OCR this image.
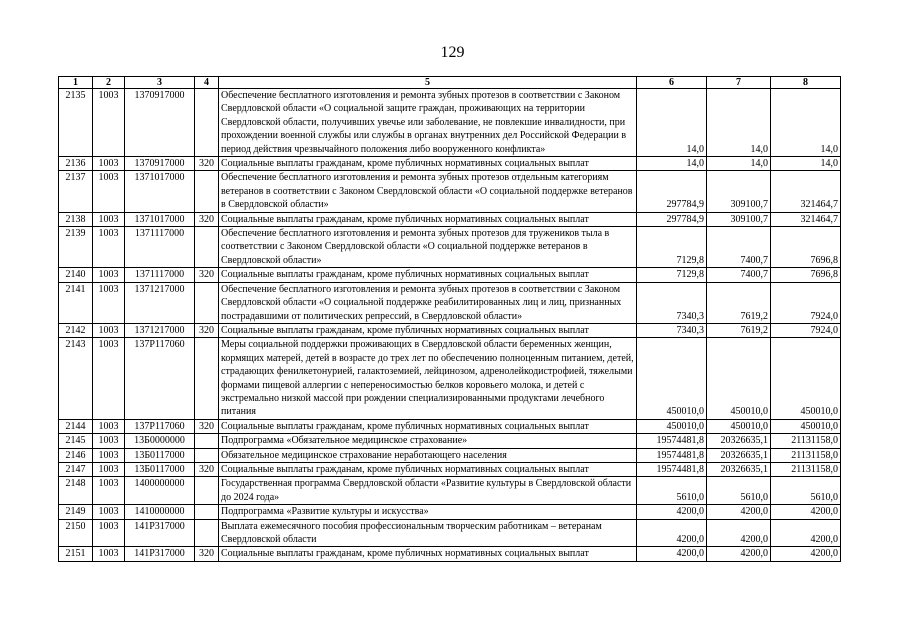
129
1	2	3	4	5	6	7	8
2135	1003	1370917000		Обеспечение бесплатного изготовления и ремонта зубных протезов в соответствии с Законом Свердловской области «О социальной защите граждан, проживающих на территории Свердловской области, получивших увечье или заболевание, не повлекшие инвалидности, при прохождении военной службы или службы в органах внутренних дел Российской Федерации в период действия чрезвычайного положения либо вооруженного конфликта»	14,0	14,0	14,0
2136	1003	1370917000	320	Социальные выплаты гражданам, кроме публичных нормативных социальных выплат	14,0	14,0	14,0
2137	1003	1371017000		Обеспечение бесплатного изготовления и ремонта зубных протезов отдельным категориям ветеранов в соответствии с Законом Свердловской области «О социальной поддержке ветеранов в Свердловской области»	297784,9	309100,7	321464,7
2138	1003	1371017000	320	Социальные выплаты гражданам, кроме публичных нормативных социальных выплат	297784,9	309100,7	321464,7
2139	1003	1371117000		Обеспечение бесплатного изготовления и ремонта зубных протезов для тружеников тыла в соответствии с Законом Свердловской области «О социальной поддержке ветеранов в Свердловской области»	7129,8	7400,7	7696,8
2140	1003	1371117000	320	Социальные выплаты гражданам, кроме публичных нормативных социальных выплат	7129,8	7400,7	7696,8
2141	1003	1371217000		Обеспечение бесплатного изготовления и ремонта зубных протезов в соответствии с Законом Свердловской области «О социальной поддержке реабилитированных лиц и лиц, признанных пострадавшими от политических репрессий, в Свердловской области»	7340,3	7619,2	7924,0
2142	1003	1371217000	320	Социальные выплаты гражданам, кроме публичных нормативных социальных выплат	7340,3	7619,2	7924,0
2143	1003	137P117060		Меры социальной поддержки проживающих в Свердловской области беременных женщин, кормящих матерей, детей в возрасте до трех лет по обеспечению полноценным питанием, детей, страдающих фенилкетонурией, галактоземией, лейцинозом, адренолейкодистрофией, тяжелыми формами пищевой аллергии с непереносимостью белков коровьего молока, и детей с экстремально низкой массой при рождении специализированными продуктами лечебного питания	450010,0	450010,0	450010,0
2144	1003	137P117060	320	Социальные выплаты гражданам, кроме публичных нормативных социальных выплат	450010,0	450010,0	450010,0
2145	1003	13Б0000000		Подпрограмма «Обязательное медицинское страхование»	19574481,8	20326635,1	21131158,0
2146	1003	13Б0117000		Обязательное медицинское страхование неработающего населения	19574481,8	20326635,1	21131158,0
2147	1003	13Б0117000	320	Социальные выплаты гражданам, кроме публичных нормативных социальных выплат	19574481,8	20326635,1	21131158,0
2148	1003	1400000000		Государственная программа Свердловской области «Развитие культуры в Свердловской области до 2024 года»	5610,0	5610,0	5610,0
2149	1003	1410000000		Подпрограмма «Развитие культуры и искусства»	4200,0	4200,0	4200,0
2150	1003	141P317000		Выплата ежемесячного пособия профессиональным творческим работникам – ветеранам Свердловской области	4200,0	4200,0	4200,0
2151	1003	141P317000	320	Социальные выплаты гражданам, кроме публичных нормативных социальных выплат	4200,0	4200,0	4200,0
